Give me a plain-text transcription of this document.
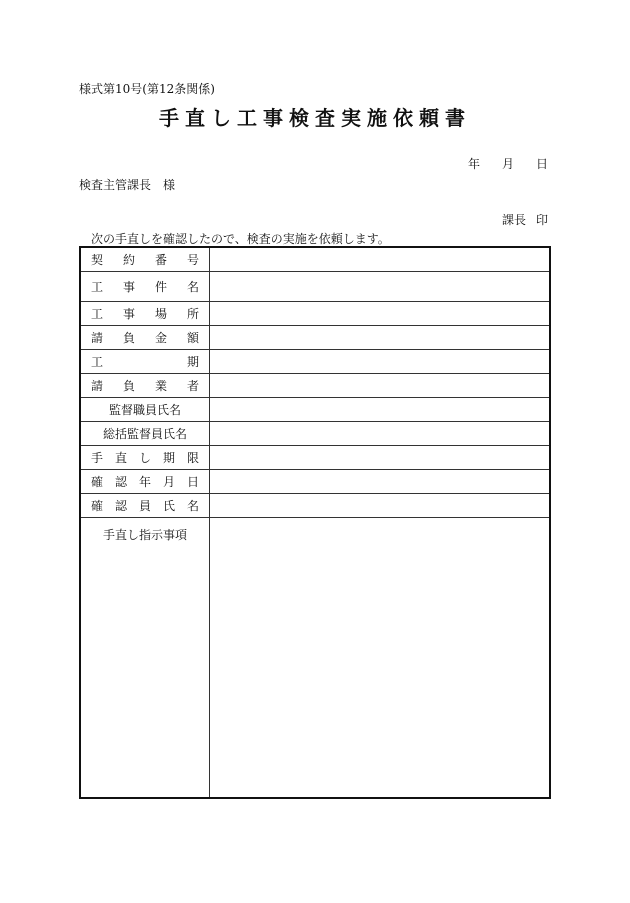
様式第10号(第12条関係)
手直し工事検査実施依頼書
年 月 日
検査主管課長 様
課長 印
次の手直しを確認したので、検査の実施を依頼します。
契約番号	
工事件名	
工事場所	
請負金額	
工期	
請負業者	
監督職員氏名	
総括監督員氏名	
手直し期限	
確認年月日	
確認員氏名	
手直し指示事項	
